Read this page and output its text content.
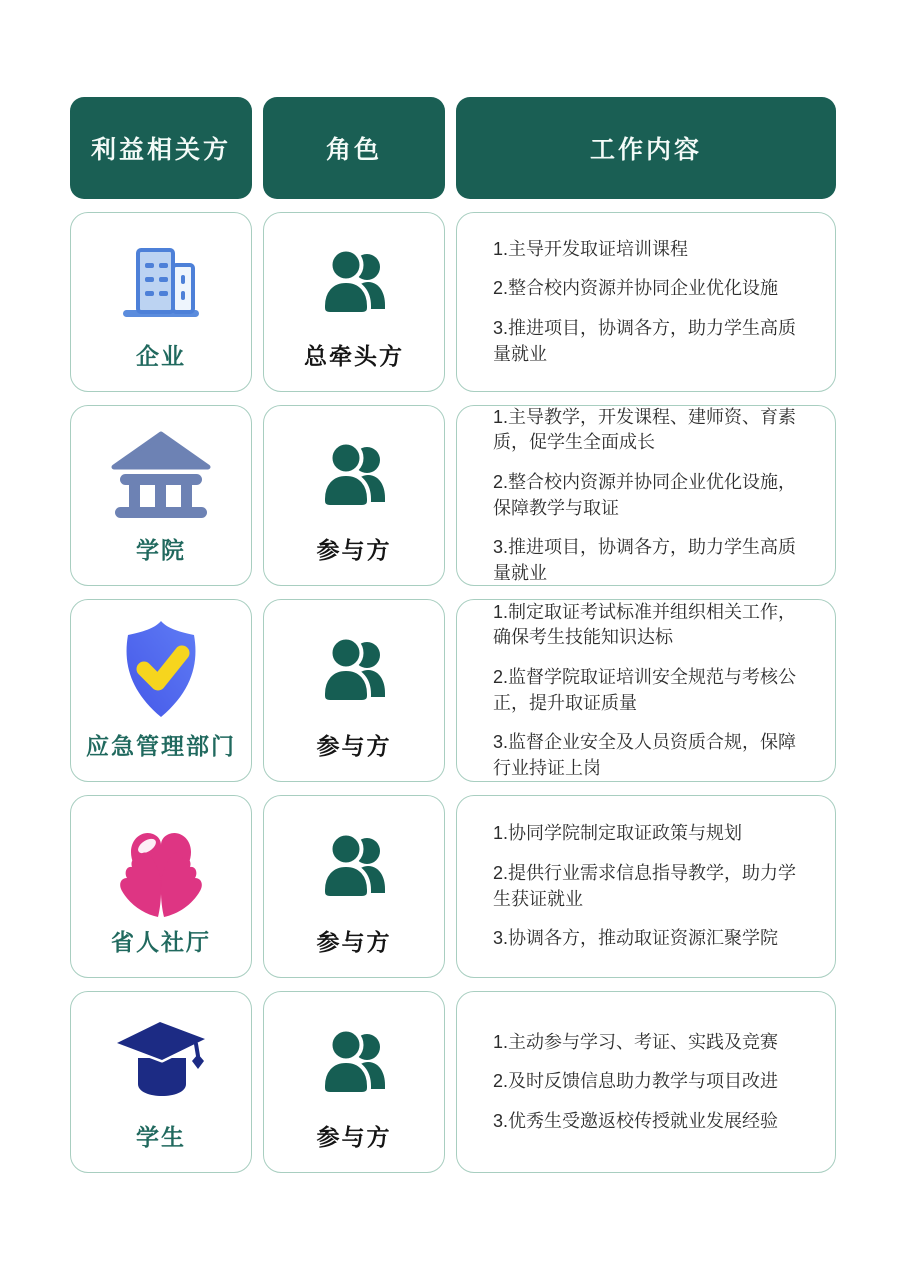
利益相关方	角色	工作内容
企业	总牵头方
1.主导开发取证培训课程
2.整合校内资源并协同企业优化设施
3.推进项目，协调各方，助力学生高质量就业
学院	参与方
1.主导教学，开发课程、建师资、育素质，促学生全面成长
2.整合校内资源并协同企业优化设施，保障教学与取证
3.推进项目，协调各方，助力学生高质量就业
应急管理部门	参与方
1.制定取证考试标准并组织相关工作，确保考生技能知识达标
2.监督学院取证培训安全规范与考核公正，提升取证质量
3.监督企业安全及人员资质合规，保障行业持证上岗
省人社厅	参与方
1.协同学院制定取证政策与规划
2.提供行业需求信息指导教学，助力学生获证就业
3.协调各方，推动取证资源汇聚学院
学生	参与方
1.主动参与学习、考证、实践及竞赛
2.及时反馈信息助力教学与项目改进
3.优秀生受邀返校传授就业发展经验
